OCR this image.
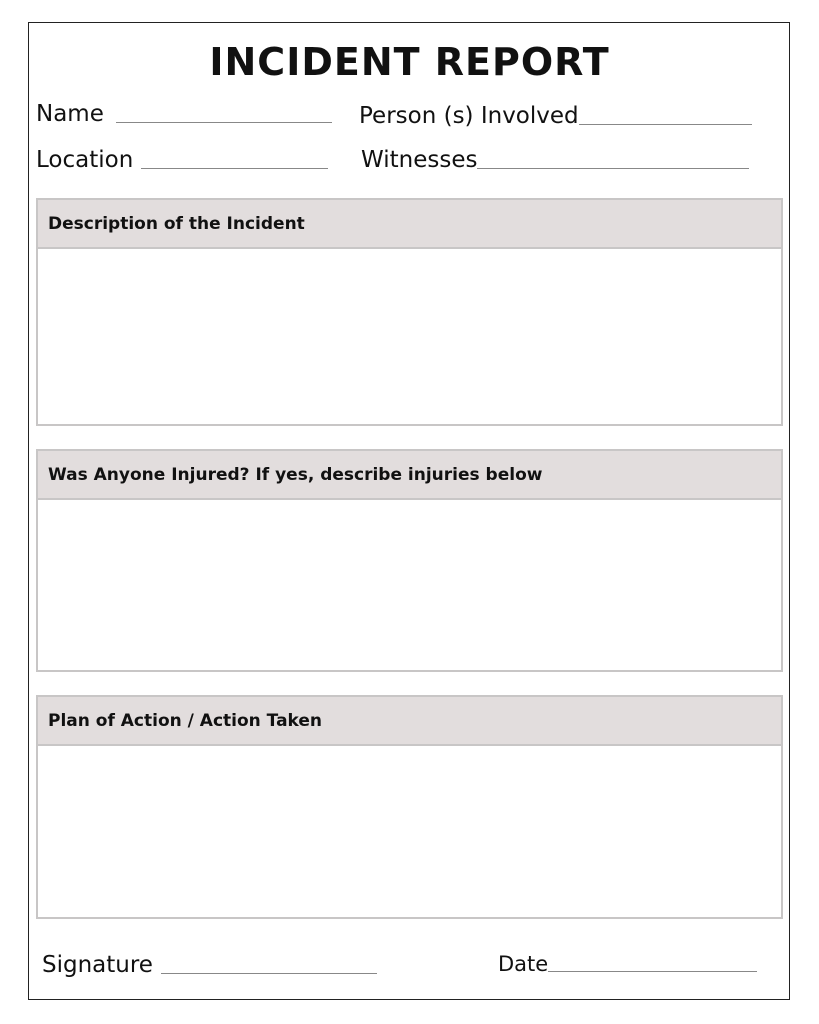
INCIDENT REPORT
Name	Person (s) Involved
Location	Witnesses
Description of the Incident
Was Anyone Injured? If yes, describe injuries below
Plan of Action / Action Taken
Signature	Date
